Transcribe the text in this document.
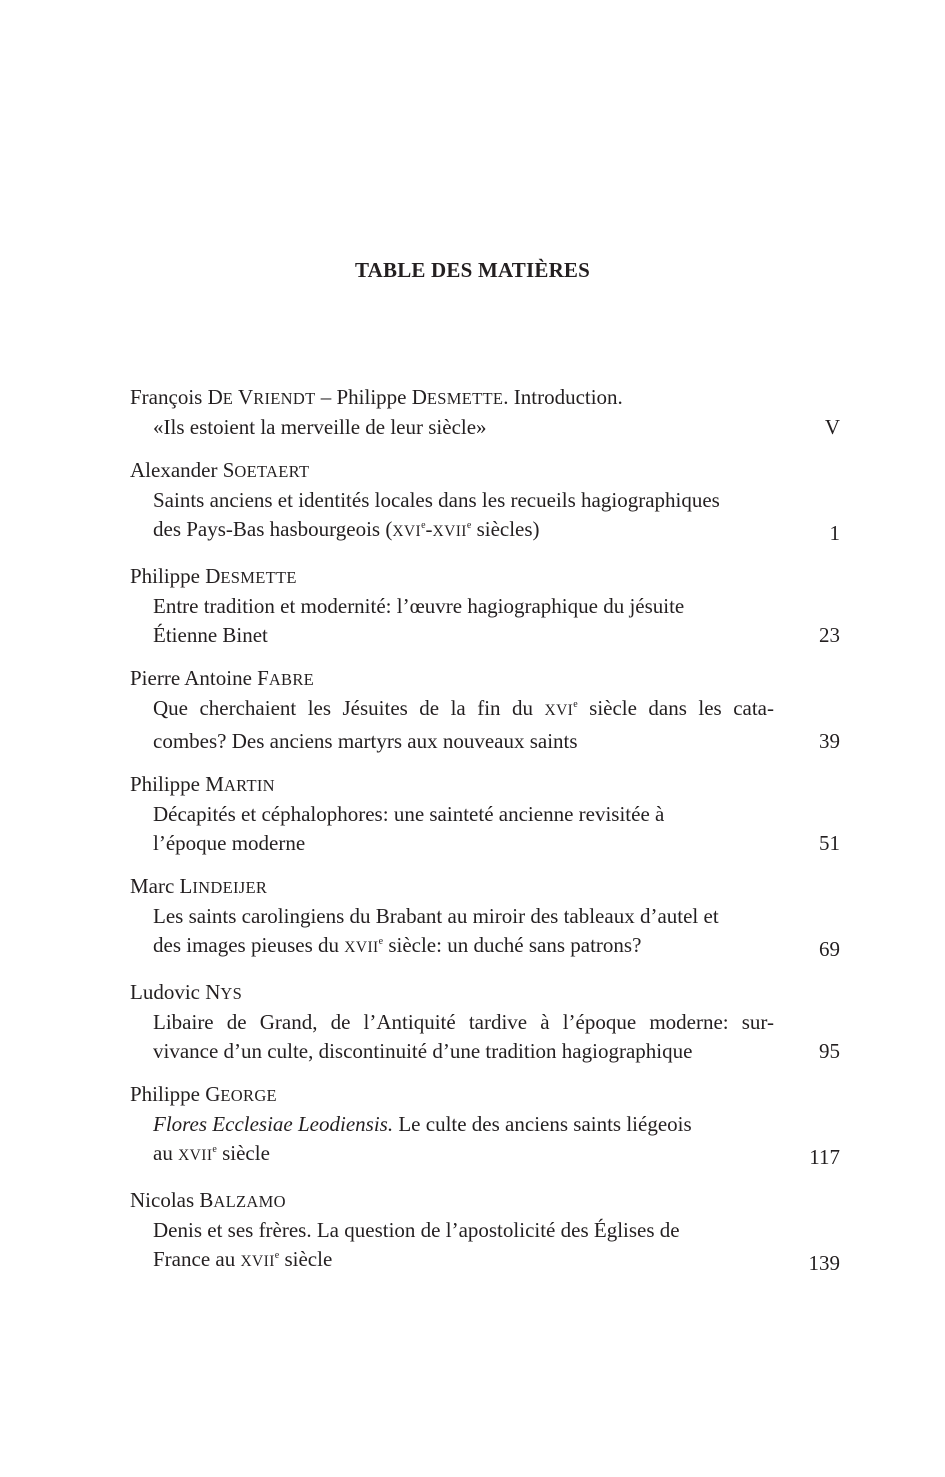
TABLE DES MATIÈRES
François DE VRIENDT – Philippe DESMETTE. Introduction.
«Ils estoient la merveille de leur siècle»	V
Alexander SOETAERT
Saints anciens et identités locales dans les recueils hagiographiques
des Pays-Bas hasbourgeois (XVIe-XVIIe siècles)	1
Philippe DESMETTE
Entre tradition et modernité: l’œuvre hagiographique du jésuite
Étienne Binet	23
Pierre Antoine FABRE
Que cherchaient les Jésuites de la fin du XVIe siècle dans les cata-
combes? Des anciens martyrs aux nouveaux saints	39
Philippe MARTIN
Décapités et céphalophores: une sainteté ancienne revisitée à
l’époque moderne	51
Marc LINDEIJER
Les saints carolingiens du Brabant au miroir des tableaux d’autel et
des images pieuses du XVIIe siècle: un duché sans patrons?	69
Ludovic NYS
Libaire de Grand, de l’Antiquité tardive à l’époque moderne: sur-
vivance d’un culte, discontinuité d’une tradition hagiographique	95
Philippe GEORGE
Flores Ecclesiae Leodiensis. Le culte des anciens saints liégeois
au XVIIe siècle	117
Nicolas BALZAMO
Denis et ses frères. La question de l’apostolicité des Églises de
France au XVIIe siècle	139
